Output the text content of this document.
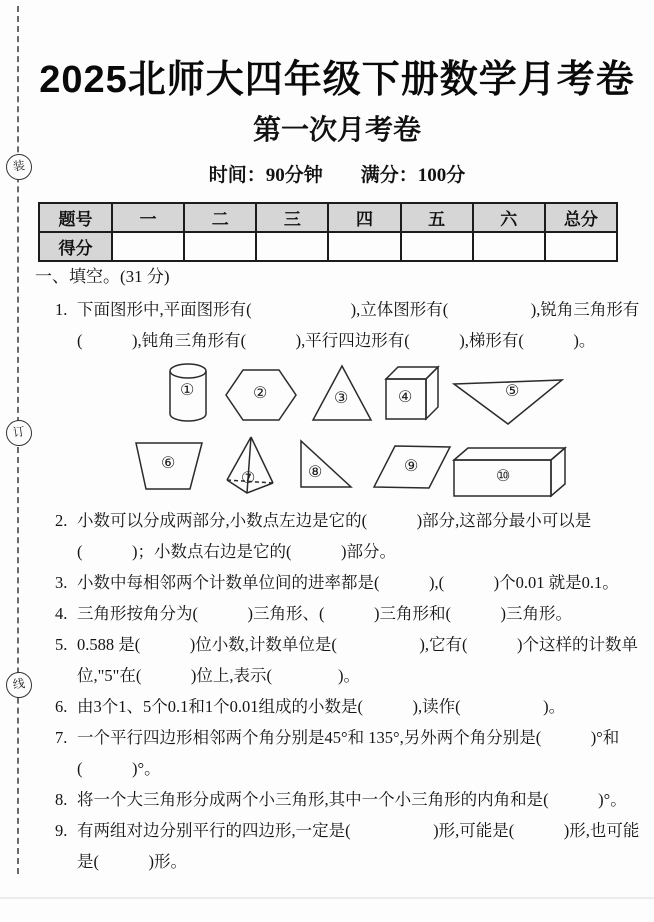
装
订
线
2025北师大四年级下册数学月考卷
第一次月考卷
时间：90分钟 满分：100分
题号	一	二	三	四	五	六	总分
得分							
一、填空。(31 分)

1. 下面图形中,平面图形有(　　　　　　),立体图形有(　　　　　),锐角三角形有(　　　),钝角三角形有(　　　),平行四边形有(　　　),梯形有(　　　)。

①	②	③	④	⑤
⑥
⑦	⑧	⑨
⑩

2. 小数可以分成两部分,小数点左边是它的(　　　)部分,这部分最小可以是(　　　)；小数点右边是它的(　　　)部分。

3. 小数中每相邻两个计数单位间的进率都是(　　　),(　　　)个0.01 就是0.1。

4. 三角形按角分为(　　　)三角形、(　　　)三角形和(　　　)三角形。

5. 0.588 是(　　　)位小数,计数单位是(　　　　　),它有(　　　)个这样的计数单位,"5"在(　　　)位上,表示(　　　　)。

6. 由3个1、5个0.1和1个0.01组成的小数是(　　　),读作(　　　　　)。

7. 一个平行四边形相邻两个角分别是45°和 135°,另外两个角分别是(　　　)°和(　　　)°。

8. 将一个大三角形分成两个小三角形,其中一个小三角形的内角和是(　　　)°。

9. 有两组对边分别平行的四边形,一定是(　　　　　)形,可能是(　　　)形,也可能是(　　　)形。
